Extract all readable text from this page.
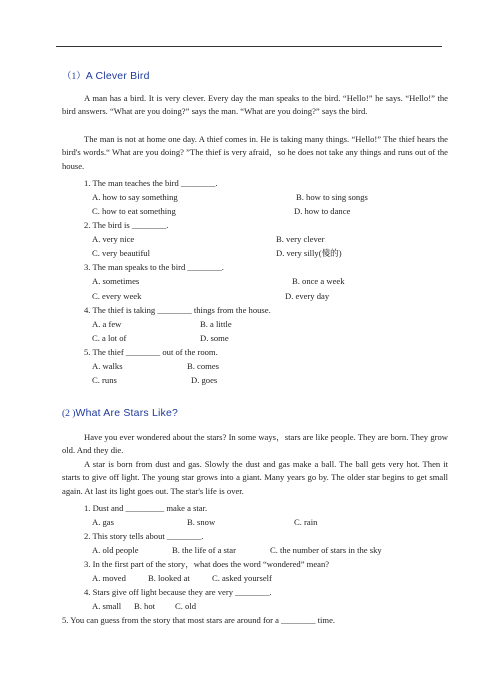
（1）A Clever Bird
A man has a bird. It is very clever. Every day the man speaks to the bird. “Hello!” he says. “Hello!” the bird answers. “What are you doing?” says the man. “What are you doing?” says the bird.
The man is not at home one day. A thief comes in. He is taking many things. “Hello!” The thief hears the bird's words.“ What are you doing? ”The thief is very afraid，so he does not take any things and runs out of the house.
1. The man teaches the bird ________.
A. how to say something	B. how to sing songs
C. how to eat something	D. how to dance
2. The bird is ________.
A. very nice	B. very clever
C. very beautiful	D. very silly(傻的)
3. The man speaks to the bird ________.
A. sometimes	B. once a week
C. every week	D. every day
4. The thief is taking ________ things from the house.
A. a few	B. a little
C. a lot of	D. some
5. The thief ________ out of the room.
A. walks	B. comes
C. runs	D. goes
(2 )What Are Stars Like?
Have you ever wondered about the stars? In some ways，stars are like people. They are born. They grow old. And they die.
A star is born from dust and gas. Slowly the dust and gas make a ball. The ball gets very hot. Then it starts to give off light. The young star grows into a giant. Many years go by. The older star begins to get small again. At last its light goes out. The star's life is over.
1. Dust and _________ make a star.
A. gas	B. snow	C. rain
2. This story tells about ________.
A. old people	B. the life of a star	C. the number of stars in the sky
3. In the first part of the story，what does the word “wondered” mean?
A. moved	B. looked at	C. asked yourself
4. Stars give off light because they are very ________.
A. small B. hot C. old
5. You can guess from the story that most stars are around for a ________ time.
